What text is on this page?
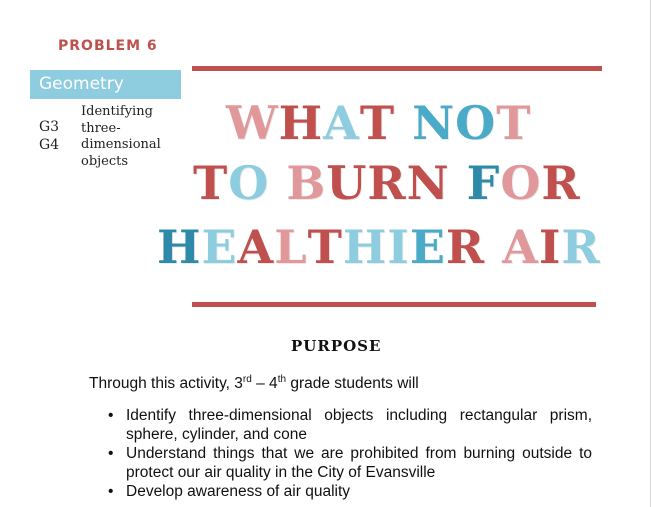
PROBLEM 6
Geometry
G3
G4
Identifying three-dimensional objects
WHAT NOT
TO BURN FOR
HEALTHIER AIR
PURPOSE
Through this activity, 3rd – 4th grade students will
• Identify three-dimensional objects including rectangular prism, sphere, cylinder, and cone
• Understand things that we are prohibited from burning outside to protect our air quality in the City of Evansville
• Develop awareness of air quality
